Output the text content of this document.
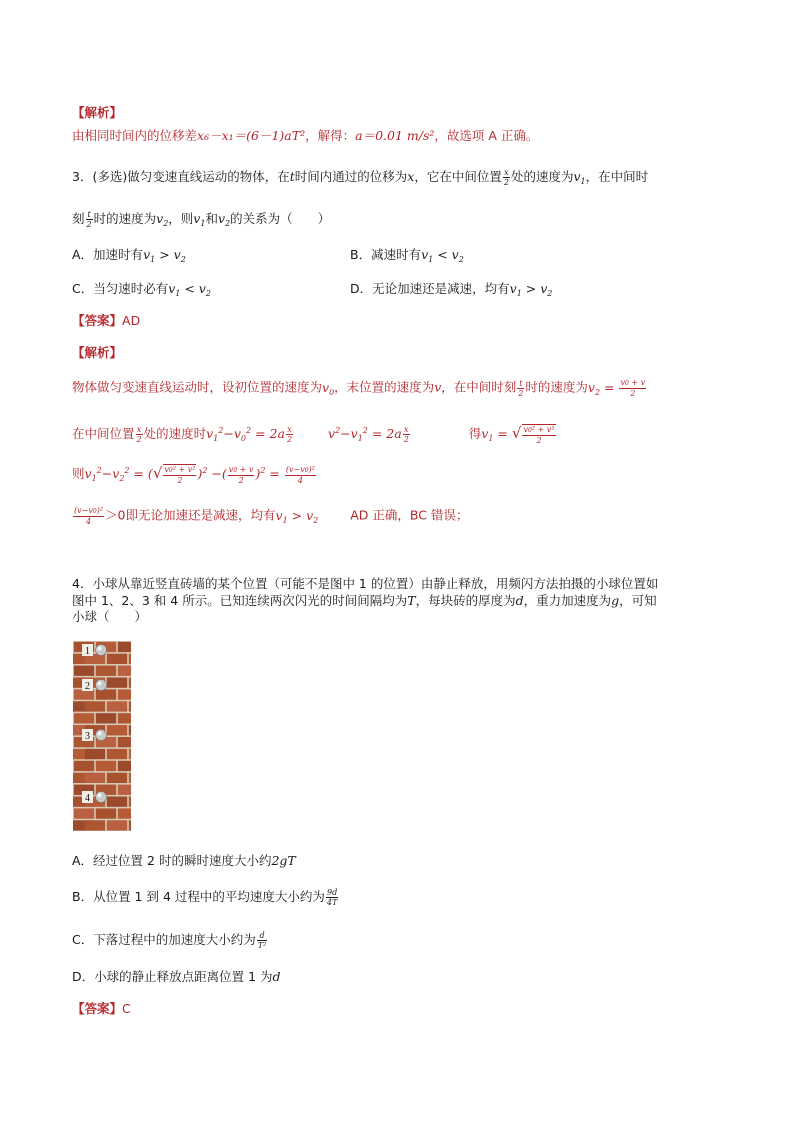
【解析】
由相同时间内的位移差x₆－x₁＝(6－1)aT²，解得：a＝0.01 m/s²，故选项 A 正确。
3．(多选)做匀变速直线运动的物体，在t时间内通过的位移为x，它在中间位置 $\frac{x}{2}$ 处的速度为$v_1$，在中间时
刻 $\frac{t}{2}$ 时的速度为$v_2$，则$v_1$和$v_2$的关系为（　　）
A．加速时有$v_1 > v_2$	B．减速时有$v_1 < v_2$
C．当匀速时必有$v_1 < v_2$	D．无论加速还是减速，均有$v_1 > v_2$
【答案】AD
【解析】
物体做匀变速直线运动时，设初位置的速度为$v_0$，末位置的速度为v，在中间时刻 $\frac{t}{2}$ 时的速度为$v_2 = \frac{v0 + v}{2}$
在中间位置 $\frac{x}{2}$ 处的速度时$v_1^2-v_0^2 = 2a \frac{x}{2}$	$v^2-v_1^2 = 2a \frac{x}{2}$	得$v_1$ = √ $\frac{\text{v0² + v²}}{2}$
则$v_1^2-v_2^2$ = (√ $\frac{\text{v0² + v²}}{2} )^2$ −( $\frac{v0 + v}{2} )^2 = \frac{\text{(v−v0)²}}{4}$
$\frac{\text{(v−v0)²}}{4} >0$即无论加速还是减速，均有$v_1 > v_2$	AD 正确，BC 错误；
4．小球从靠近竖直砖墙的某个位置（可能不是图中 1 的位置）由静止释放，用频闪方法拍摄的小球位置如
小球（　　）
图中 1、2、3 和 4 所示。已知连续两次闪光的时间间隔均为T，每块砖的厚度为d，重力加速度为g，可知
1
2
3
4
A．经过位置 2 时的瞬时速度大小约2gT
B．从位置 1 到 4 过程中的平均速度大小约为 $\frac{9d}{4T}$
C．下落过程中的加速度大小约为 $\frac{d}{\text{T²}}$
D．小球的静止释放点距离位置 1 为d
【答案】C
